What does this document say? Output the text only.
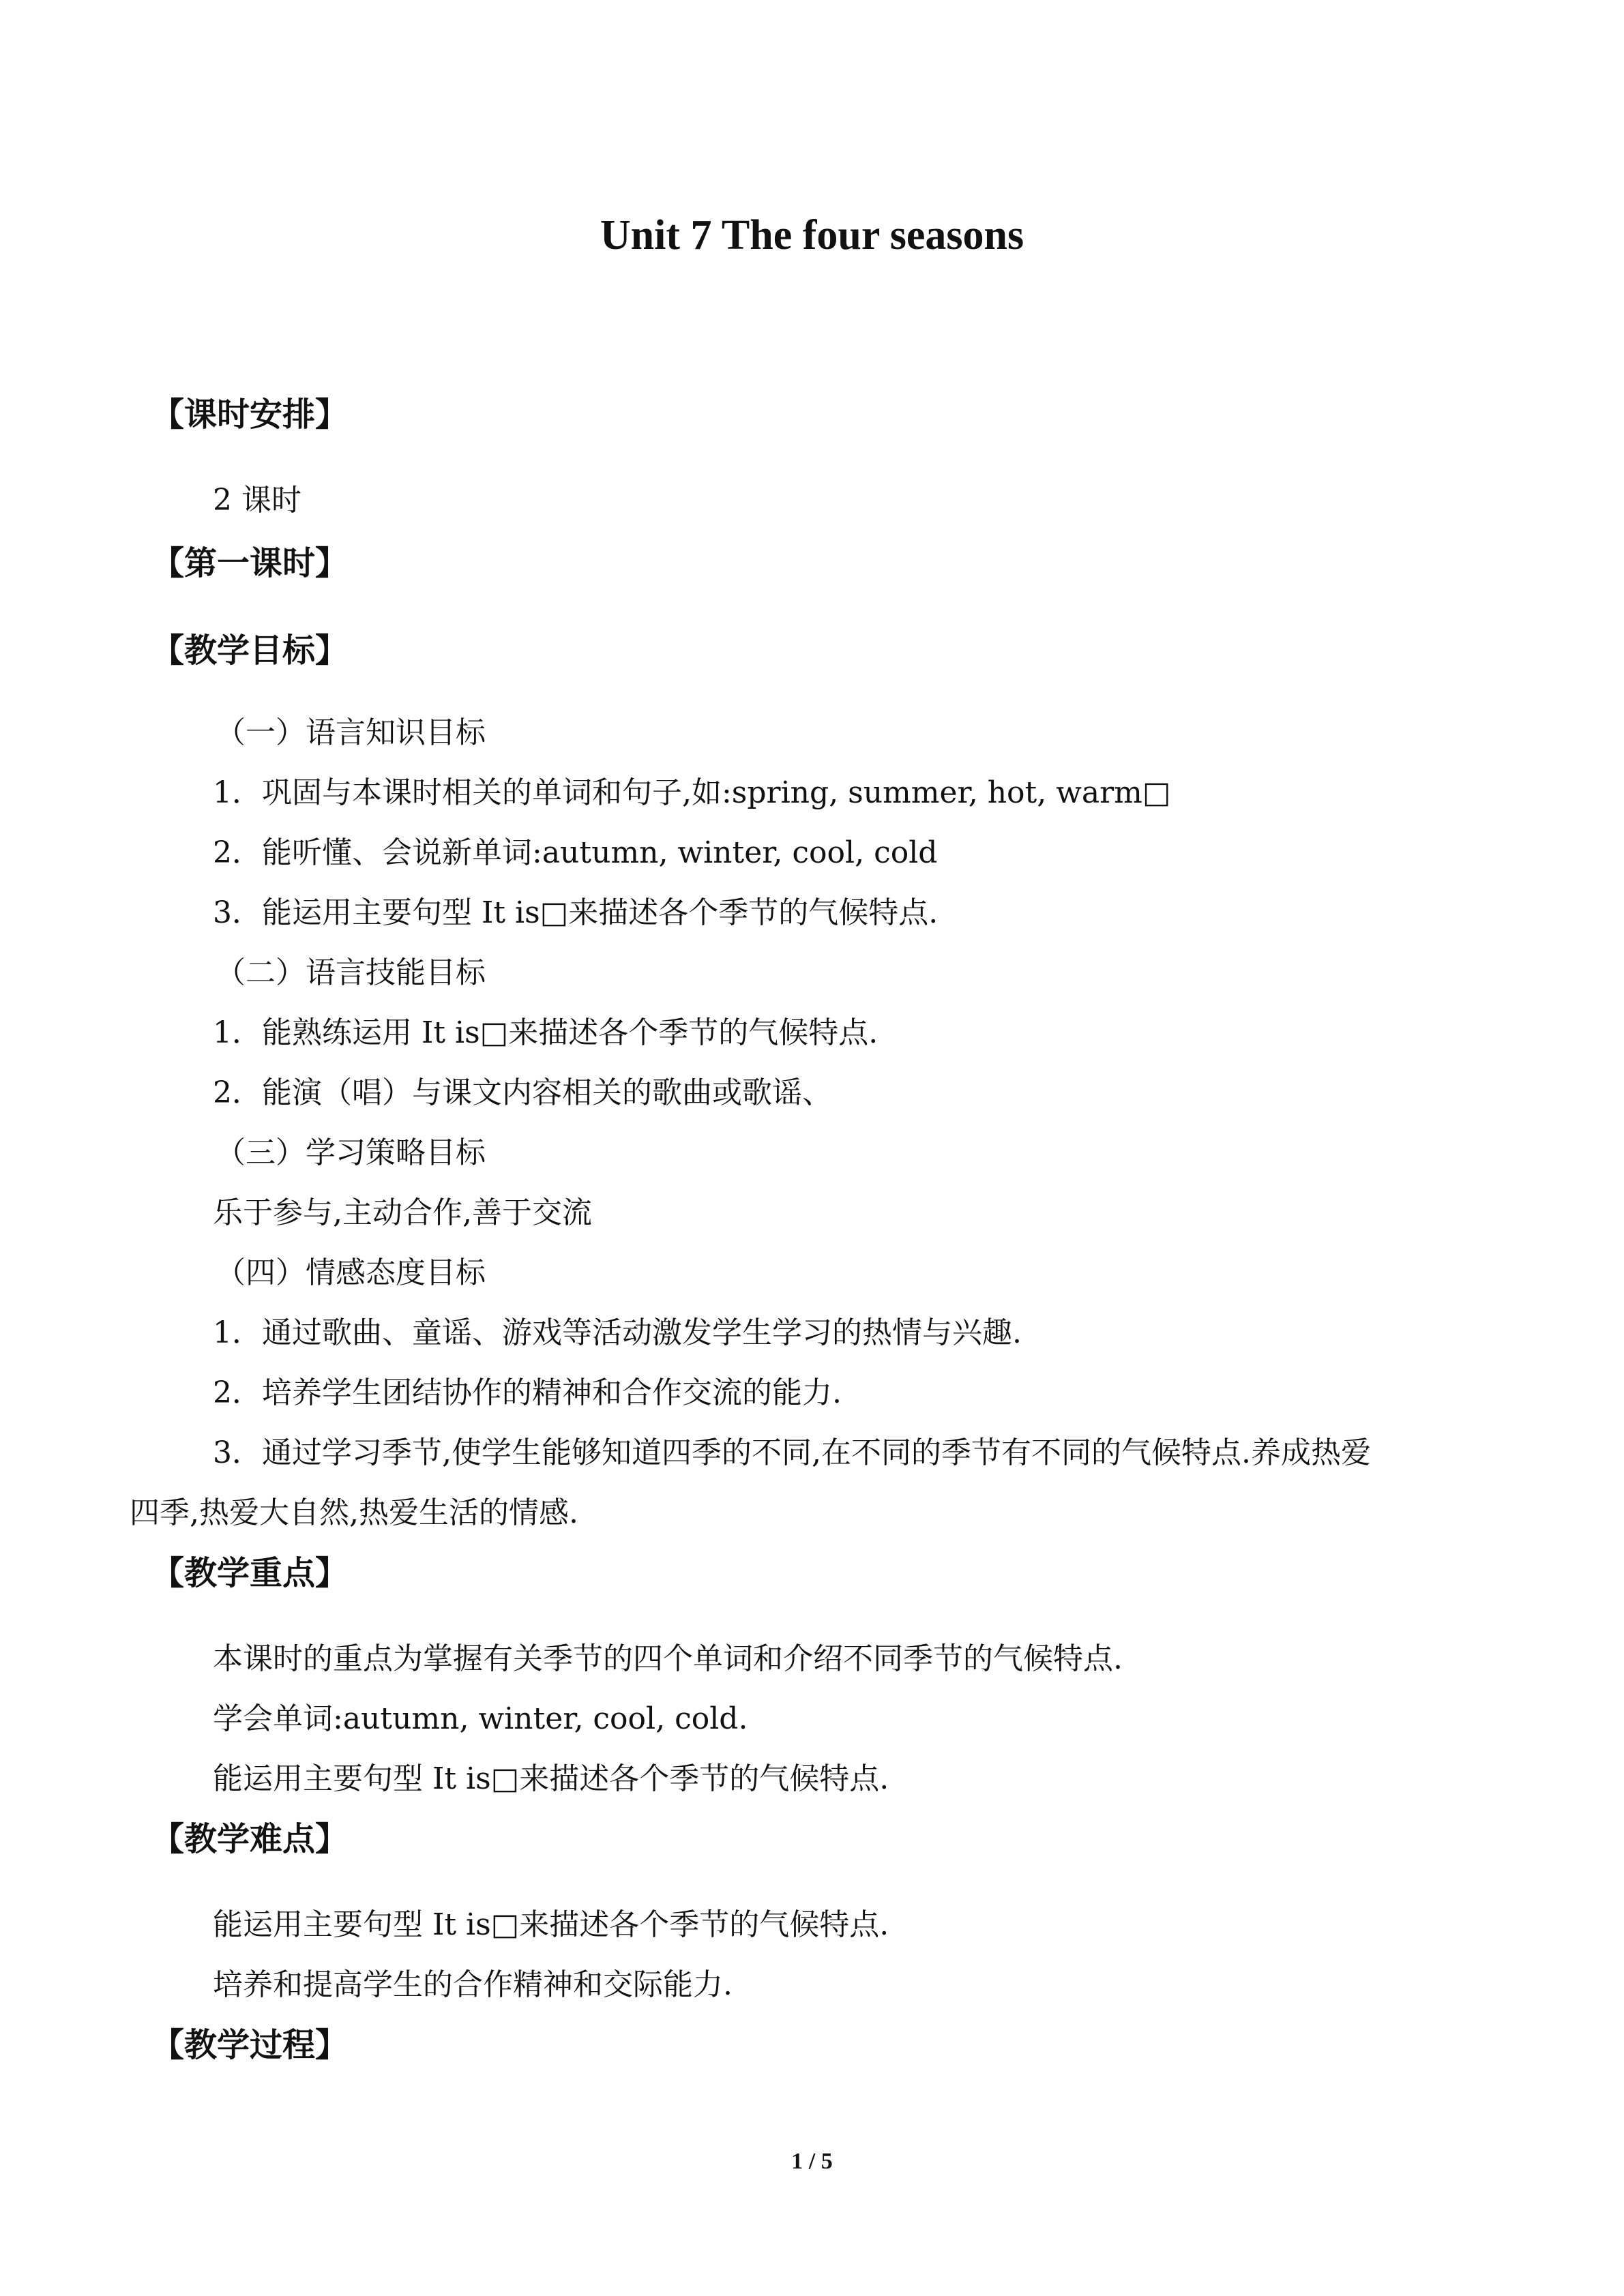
Unit 7 The four seasons
【课时安排】
2 课时
【第一课时】
【教学目标】
（一）语言知识目标
1．巩固与本课时相关的单词和句子,如:spring, summer, hot, warm□
2．能听懂、会说新单词:autumn, winter, cool, cold
3．能运用主要句型 It is□来描述各个季节的气候特点.
（二）语言技能目标
1．能熟练运用 It is□来描述各个季节的气候特点.
2．能演（唱）与课文内容相关的歌曲或歌谣、
（三）学习策略目标
乐于参与,主动合作,善于交流
（四）情感态度目标
1．通过歌曲、童谣、游戏等活动激发学生学习的热情与兴趣.
2．培养学生团结协作的精神和合作交流的能力.
3．通过学习季节,使学生能够知道四季的不同,在不同的季节有不同的气候特点.养成热爱
四季,热爱大自然,热爱生活的情感.
【教学重点】
本课时的重点为掌握有关季节的四个单词和介绍不同季节的气候特点.
学会单词:autumn, winter, cool, cold.
能运用主要句型 It is□来描述各个季节的气候特点.
【教学难点】
能运用主要句型 It is□来描述各个季节的气候特点.
培养和提高学生的合作精神和交际能力.
【教学过程】
1 / 5
